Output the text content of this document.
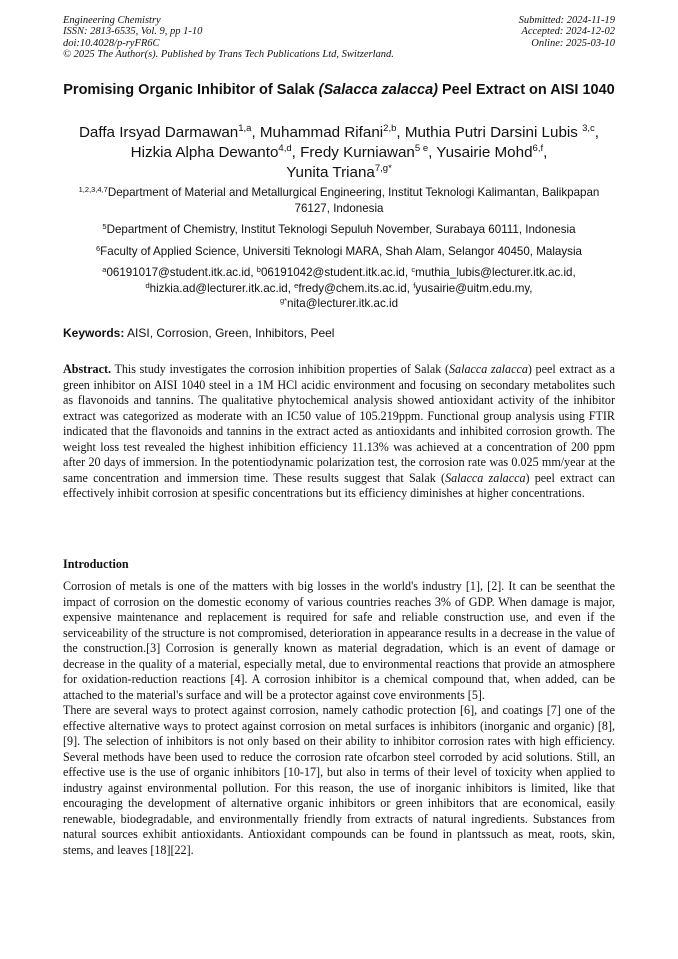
Engineering Chemistry
ISSN: 2813-6535, Vol. 9, pp 1-10
doi:10.4028/p-ryFR6C
© 2025 The Author(s). Published by Trans Tech Publications Ltd, Switzerland.
Submitted: 2024-11-19
Accepted: 2024-12-02
Online: 2025-03-10
Promising Organic Inhibitor of Salak (Salacca zalacca) Peel Extract on AISI 1040
Daffa Irsyad Darmawan$^{1,a}$, Muhammad Rifani$^{2,b}$, Muthia Putri Darsini Lubis $^{3,c}$,
Hizkia Alpha Dewanto$^{4,d}$, Fredy Kurniawan$^{5 e}$, Yusairie Mohd$^{6,f}$,
Yunita Triana$^{7,g*}$
$^{1,2,3,4,7}$Department of Material and Metallurgical Engineering, Institut Teknologi Kalimantan, Balikpapan 76127, Indonesia
$^5$Department of Chemistry, Institut Teknologi Sepuluh November, Surabaya 60111, Indonesia
$^6$Faculty of Applied Science, Universiti Teknologi MARA, Shah Alam, Selangor 40450, Malaysia
$^a$06191017@student.itk.ac.id, $^b$06191042@student.itk.ac.id, $^c$muthia_lubis@lecturer.itk.ac.id,
$^d$hizkia.ad@lecturer.itk.ac.id, $^e$fredy@chem.its.ac.id, $^f$yusairie@uitm.edu.my,
$^{g*}$nita@lecturer.itk.ac.id
Keywords: AISI, Corrosion, Green, Inhibitors, Peel

Abstract. This study investigates the corrosion inhibition properties of Salak (Salacca zalacca) peel extract as a green inhibitor on AISI 1040 steel in a 1M HCl acidic environment and focusing on secondary metabolites such as flavonoids and tannins. The qualitative phytochemical analysis showed antioxidant activity of the inhibitor extract was categorized as moderate with an IC50 value of 105.219ppm. Functional group analysis using FTIR indicated that the flavonoids and tannins in the extract acted as antioxidants and inhibited corrosion growth. The weight loss test revealed the highest inhibition efficiency 11.13% was achieved at a concentration of 200 ppm after 20 days of immersion. In the potentiodynamic polarization test, the corrosion rate was 0.025 mm/year at the same concentration and immersion time. These results suggest that Salak (Salacca zalacca) peel extract can effectively inhibit corrosion at spesific concentrations but its efficiency diminishes at higher concentrations.

Introduction

Corrosion of metals is one of the matters with big losses in the world's industry [1], [2]. It can be seenthat the impact of corrosion on the domestic economy of various countries reaches 3% of GDP. When damage is major, expensive maintenance and replacement is required for safe and reliable construction use, and even if the serviceability of the structure is not compromised, deterioration in appearance results in a decrease in the value of the construction.[3] Corrosion is generally known as material degradation, which is an event of damage or decrease in the quality of a material, especially metal, due to environmental reactions that provide an atmosphere for oxidation-reduction reactions [4]. A corrosion inhibitor is a chemical compound that, when added, can be attached to the material's surface and will be a protector against cove environments [5].

There are several ways to protect against corrosion, namely cathodic protection [6], and coatings [7] one of the effective alternative ways to protect against corrosion on metal surfaces is inhibitors (inorganic and organic) [8], [9]. The selection of inhibitors is not only based on their ability to inhibitor corrosion rates with high efficiency. Several methods have been used to reduce the corrosion rate ofcarbon steel corroded by acid solutions. Still, an effective use is the use of organic inhibitors [10-17], but also in terms of their level of toxicity when applied to industry against environmental pollution. For this reason, the use of inorganic inhibitors is limited, like that encouraging the development of alternative organic inhibitors or green inhibitors that are economical, easily renewable, biodegradable, and environmentally friendly from extracts of natural ingredients. Substances from natural sources exhibit antioxidants. Antioxidant compounds can be found in plantssuch as meat, roots, skin, stems, and leaves [18][22].
